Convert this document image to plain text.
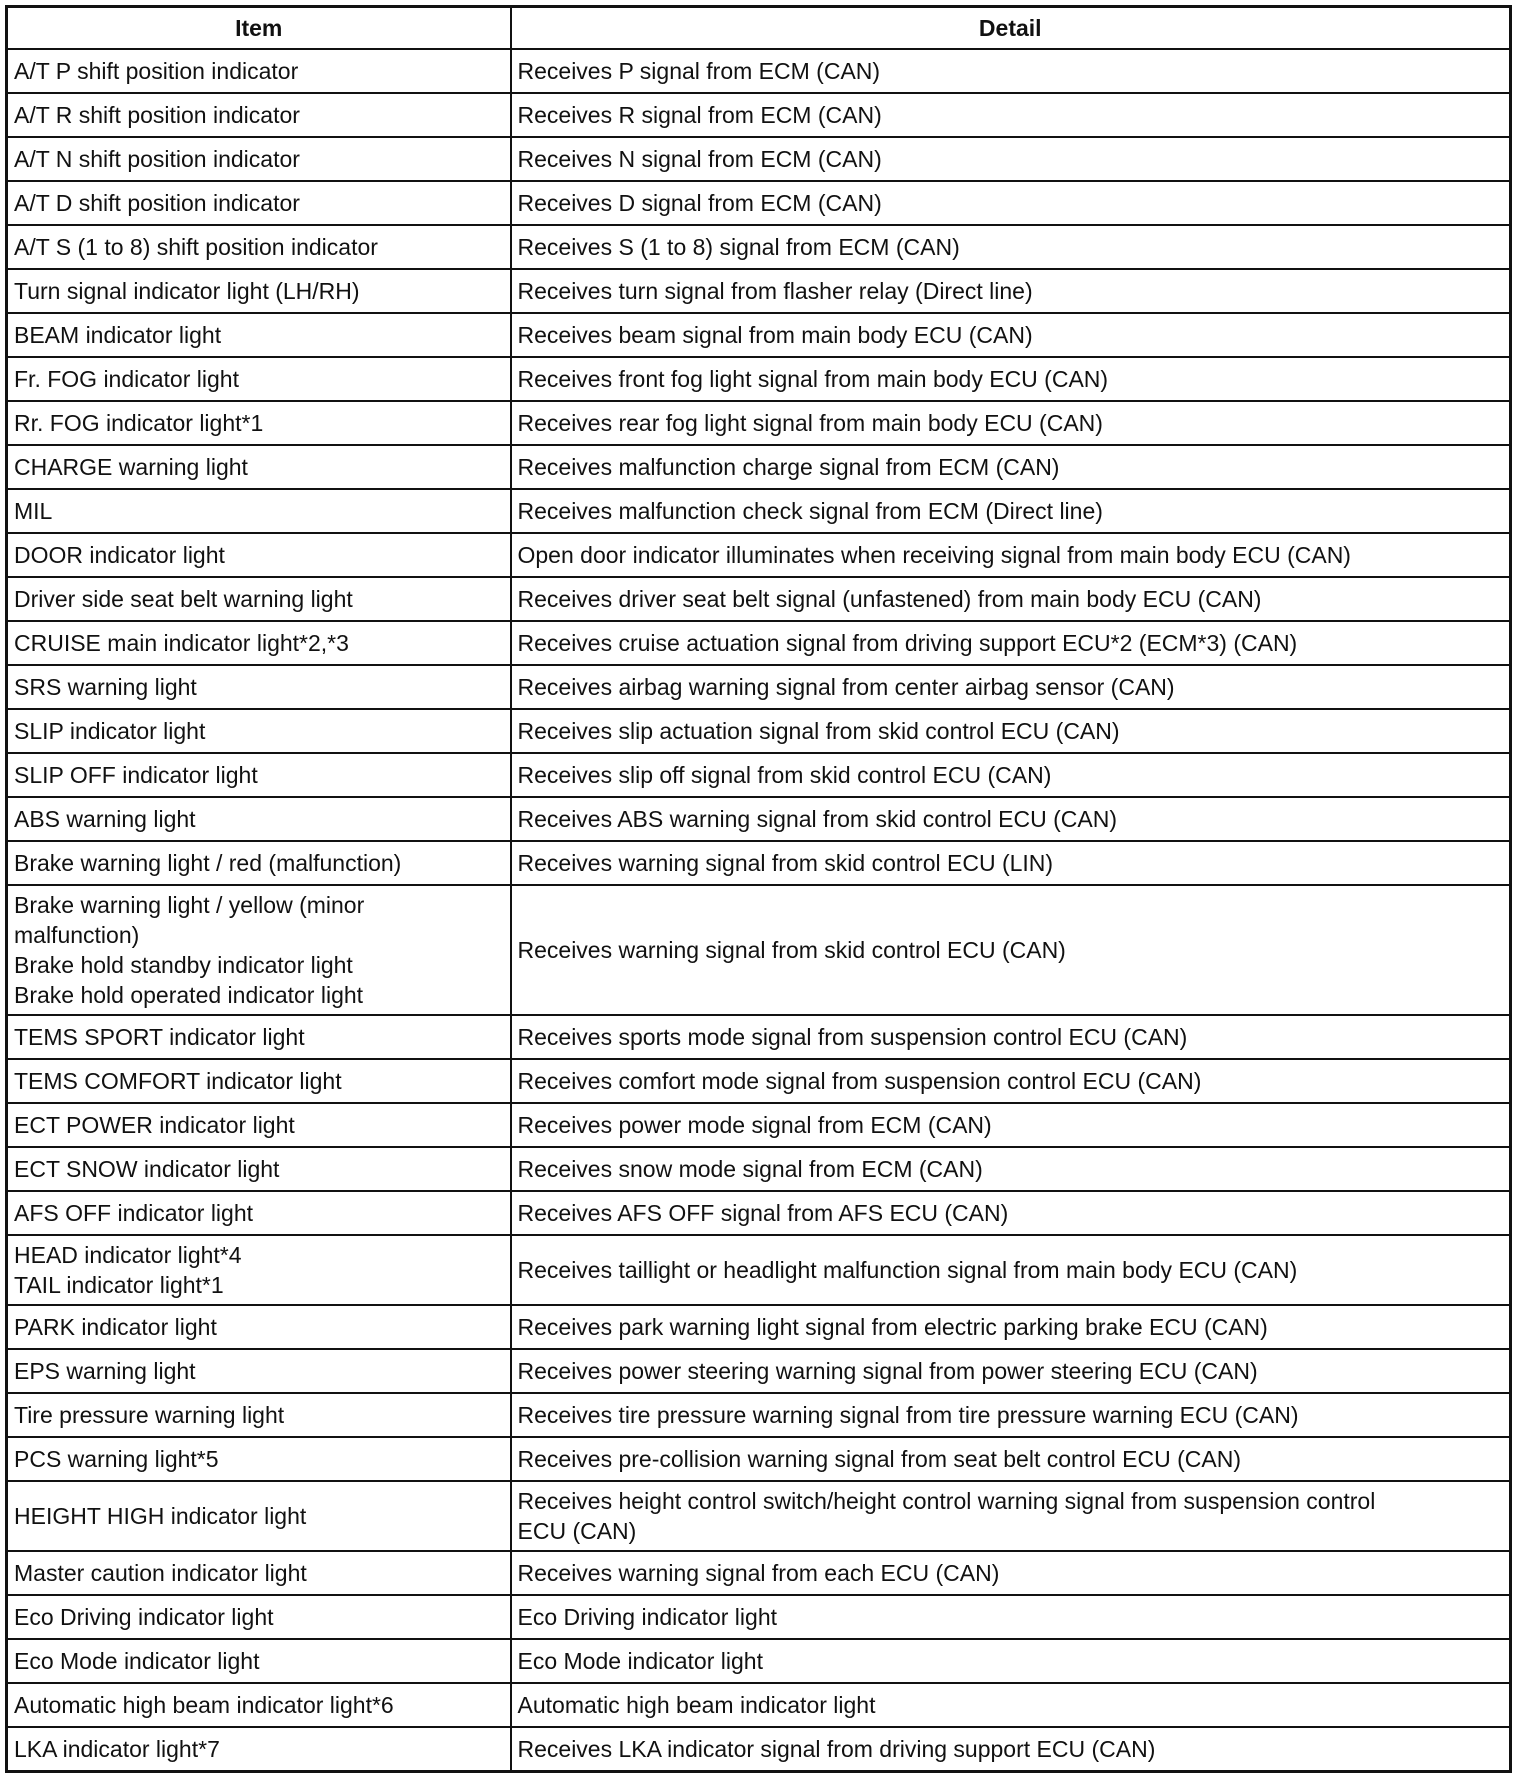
Item	Detail
A/T P shift position indicator	Receives P signal from ECM (CAN)
A/T R shift position indicator	Receives R signal from ECM (CAN)
A/T N shift position indicator	Receives N signal from ECM (CAN)
A/T D shift position indicator	Receives D signal from ECM (CAN)
A/T S (1 to 8) shift position indicator	Receives S (1 to 8) signal from ECM (CAN)
Turn signal indicator light (LH/RH)	Receives turn signal from flasher relay (Direct line)
BEAM indicator light	Receives beam signal from main body ECU (CAN)
Fr. FOG indicator light	Receives front fog light signal from main body ECU (CAN)
Rr. FOG indicator light*1	Receives rear fog light signal from main body ECU (CAN)
CHARGE warning light	Receives malfunction charge signal from ECM (CAN)
MIL	Receives malfunction check signal from ECM (Direct line)
DOOR indicator light	Open door indicator illuminates when receiving signal from main body ECU (CAN)
Driver side seat belt warning light	Receives driver seat belt signal (unfastened) from main body ECU (CAN)
CRUISE main indicator light*2,*3	Receives cruise actuation signal from driving support ECU*2 (ECM*3) (CAN)
SRS warning light	Receives airbag warning signal from center airbag sensor (CAN)
SLIP indicator light	Receives slip actuation signal from skid control ECU (CAN)
SLIP OFF indicator light	Receives slip off signal from skid control ECU (CAN)
ABS warning light	Receives ABS warning signal from skid control ECU (CAN)
Brake warning light / red (malfunction)	Receives warning signal from skid control ECU (LIN)
Brake warning light / yellow (minor
malfunction)
Brake hold standby indicator light
Brake hold operated indicator light	Receives warning signal from skid control ECU (CAN)
TEMS SPORT indicator light	Receives sports mode signal from suspension control ECU (CAN)
TEMS COMFORT indicator light	Receives comfort mode signal from suspension control ECU (CAN)
ECT POWER indicator light	Receives power mode signal from ECM (CAN)
ECT SNOW indicator light	Receives snow mode signal from ECM (CAN)
AFS OFF indicator light	Receives AFS OFF signal from AFS ECU (CAN)
HEAD indicator light*4
TAIL indicator light*1	Receives taillight or headlight malfunction signal from main body ECU (CAN)
PARK indicator light	Receives park warning light signal from electric parking brake ECU (CAN)
EPS warning light	Receives power steering warning signal from power steering ECU (CAN)
Tire pressure warning light	Receives tire pressure warning signal from tire pressure warning ECU (CAN)
PCS warning light*5	Receives pre-collision warning signal from seat belt control ECU (CAN)
HEIGHT HIGH indicator light	Receives height control switch/height control warning signal from suspension control
ECU (CAN)
Master caution indicator light	Receives warning signal from each ECU (CAN)
Eco Driving indicator light	Eco Driving indicator light
Eco Mode indicator light	Eco Mode indicator light
Automatic high beam indicator light*6	Automatic high beam indicator light
LKA indicator light*7	Receives LKA indicator signal from driving support ECU (CAN)
